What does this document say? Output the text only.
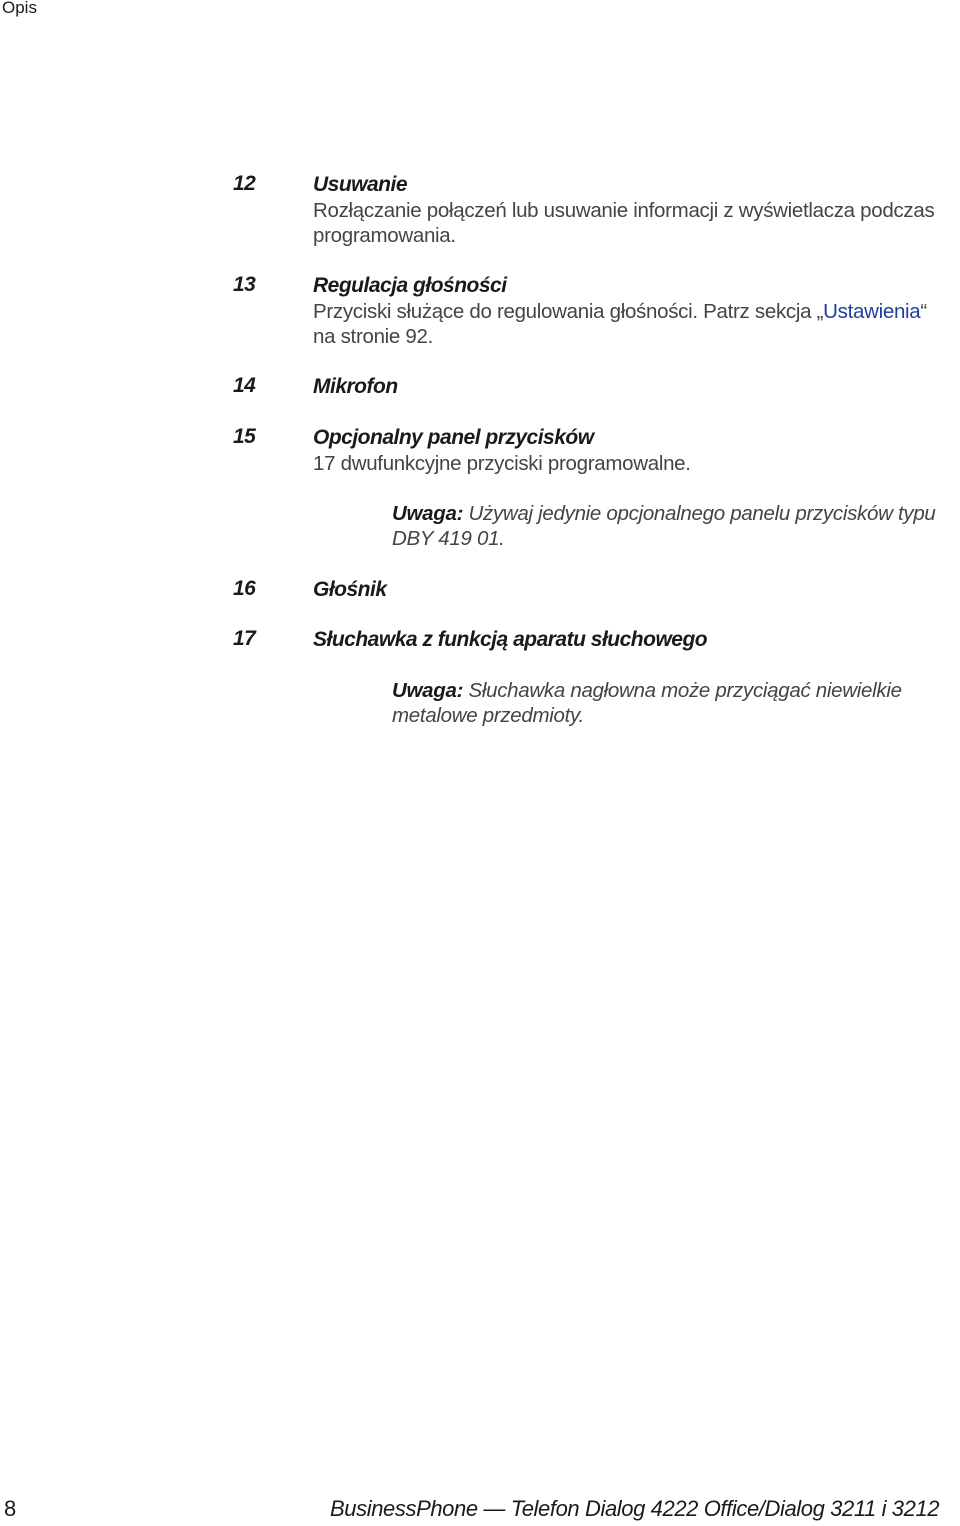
Opis
12	Usuwanie
Rozłączanie połączeń lub usuwanie informacji z wyświetlacza podczas programowania.
13	Regulacja głośności
Przyciski służące do regulowania głośności. Patrz sekcja „Ustawienia“ na stronie 92.
14	Mikrofon
15	Opcjonalny panel przycisków
17 dwufunkcyjne przyciski programowalne.
Uwaga: Używaj jedynie opcjonalnego panelu przycisków typu DBY 419 01.
16	Głośnik
17	Słuchawka z funkcją aparatu słuchowego
Uwaga: Słuchawka nagłowna może przyciągać niewielkie metalowe przedmioty.
8	BusinessPhone — Telefon Dialog 4222 Office/Dialog 3211 i 3212
